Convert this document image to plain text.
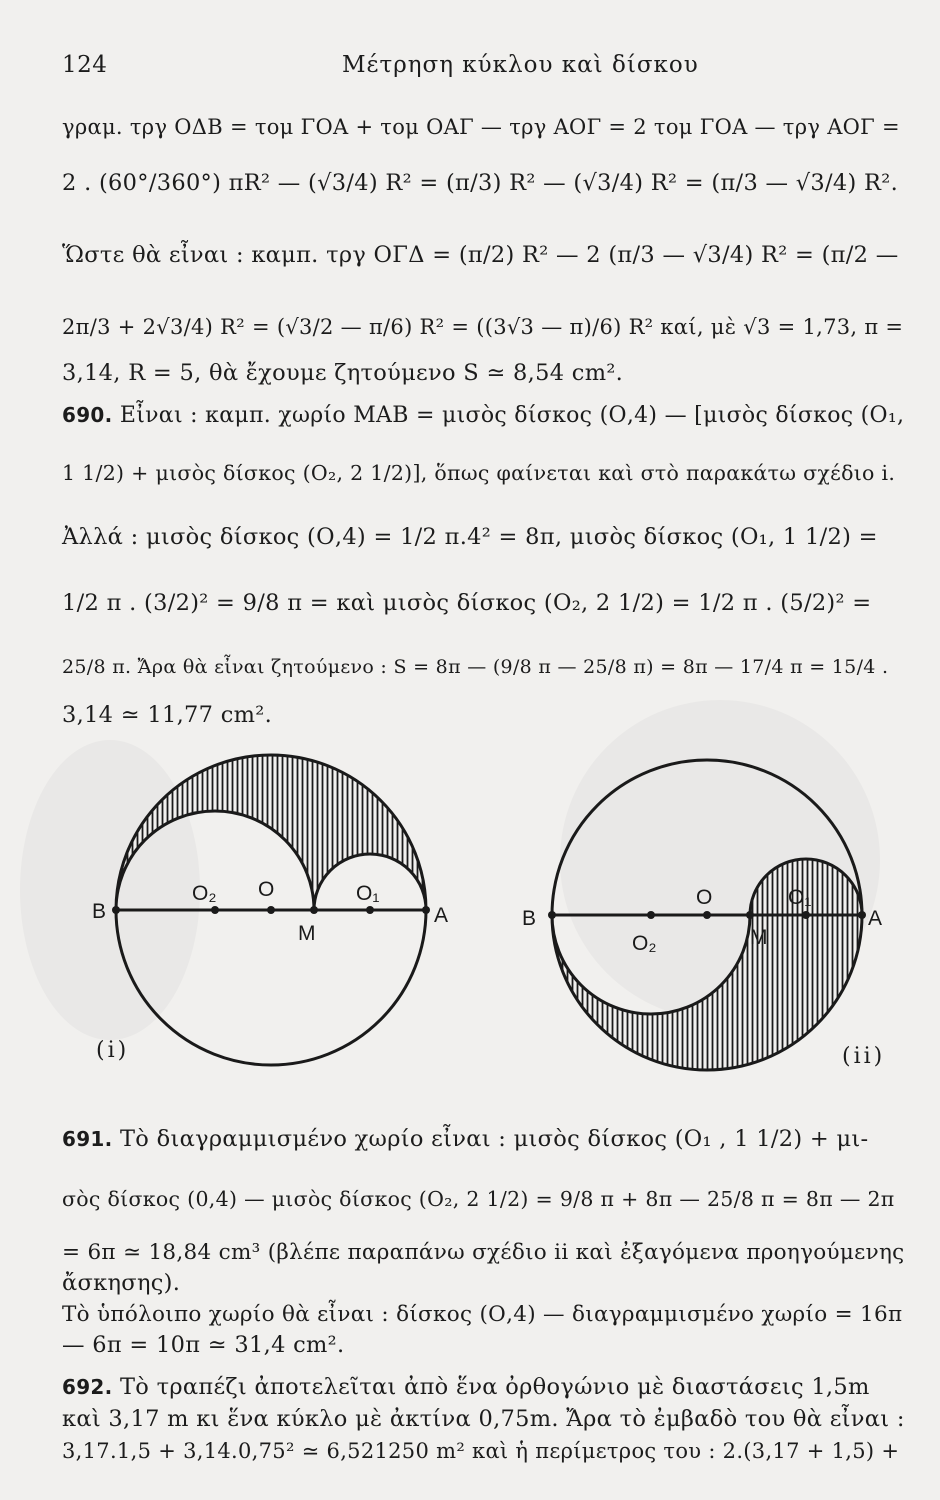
124	Μέτρηση κύκλου καὶ δίσκου
γραμ. τργ ΟΔΒ = τομ ΓΟΑ + τομ ΟΑΓ — τργ ΑΟΓ = 2 τομ ΓΟΑ — τργ ΑΟΓ =
2 . (60°/360°) πR² — (√3/4) R² = (π/3) R² — (√3/4) R² = (π/3 — √3/4) R².
Ὥστε θὰ εἶναι : καμπ. τργ ΟΓΔ = (π/2) R² — 2 (π/3 — √3/4) R² = (π/2 —
2π/3 + 2√3/4) R² = (√3/2 — π/6) R² = ((3√3 — π)/6) R² καί, μὲ √3 = 1,73, π =
3,14, R = 5, θὰ ἔχουμε ζητούμενο S ≃ 8,54 cm².
690. Εἶναι : καμπ. χωρίο ΜΑΒ = μισὸς δίσκος (Ο,4) — [μισὸς δίσκος (Ο₁,
1 1/2) + μισὸς δίσκος (Ο₂, 2 1/2)], ὅπως φαίνεται καὶ στὸ παρακάτω σχέδιο i.
Ἀλλά : μισὸς δίσκος (Ο,4) = 1/2 π.4² = 8π, μισὸς δίσκος (Ο₁, 1 1/2) =
1/2 π . (3/2)² = 9/8 π = καὶ μισὸς δίσκος (Ο₂, 2 1/2) = 1/2 π . (5/2)² =
25/8 π. Ἄρα θὰ εἶναι ζητούμενο : S = 8π — (9/8 π — 25/8 π) = 8π — 17/4 π = 15/4 .
3,14 ≃ 11,77 cm².
B
O₂ O
M
O₁
A	B
O₂
O
M
O₁
A
(i)	(ii)
691. Τὸ διαγραμμισμένο χωρίο εἶναι : μισὸς δίσκος (Ο₁ , 1 1/2) + μι-
σὸς δίσκος (0,4) — μισὸς δίσκος (Ο₂, 2 1/2) = 9/8 π + 8π — 25/8 π = 8π — 2π
= 6π ≃ 18,84 cm³ (βλέπε παραπάνω σχέδιο ii καὶ ἐξαγόμενα προηγούμενης
ἄσκησης).
Τὸ ὑπόλοιπο χωρίο θὰ εἶναι : δίσκος (Ο,4) — διαγραμμισμένο χωρίο = 16π
— 6π = 10π ≃ 31,4 cm².
692. Τὸ τραπέζι ἀποτελεῖται ἀπὸ ἕνα ὀρθογώνιο μὲ διαστάσεις 1,5m
καὶ 3,17 m κι ἕνα κύκλο μὲ ἀκτίνα 0,75m. Ἄρα τὸ ἐμβαδὸ του θὰ εἶναι :
3,17.1,5 + 3,14.0,75² ≃ 6,521250 m² καὶ ἡ περίμετρος του : 2.(3,17 + 1,5) +
